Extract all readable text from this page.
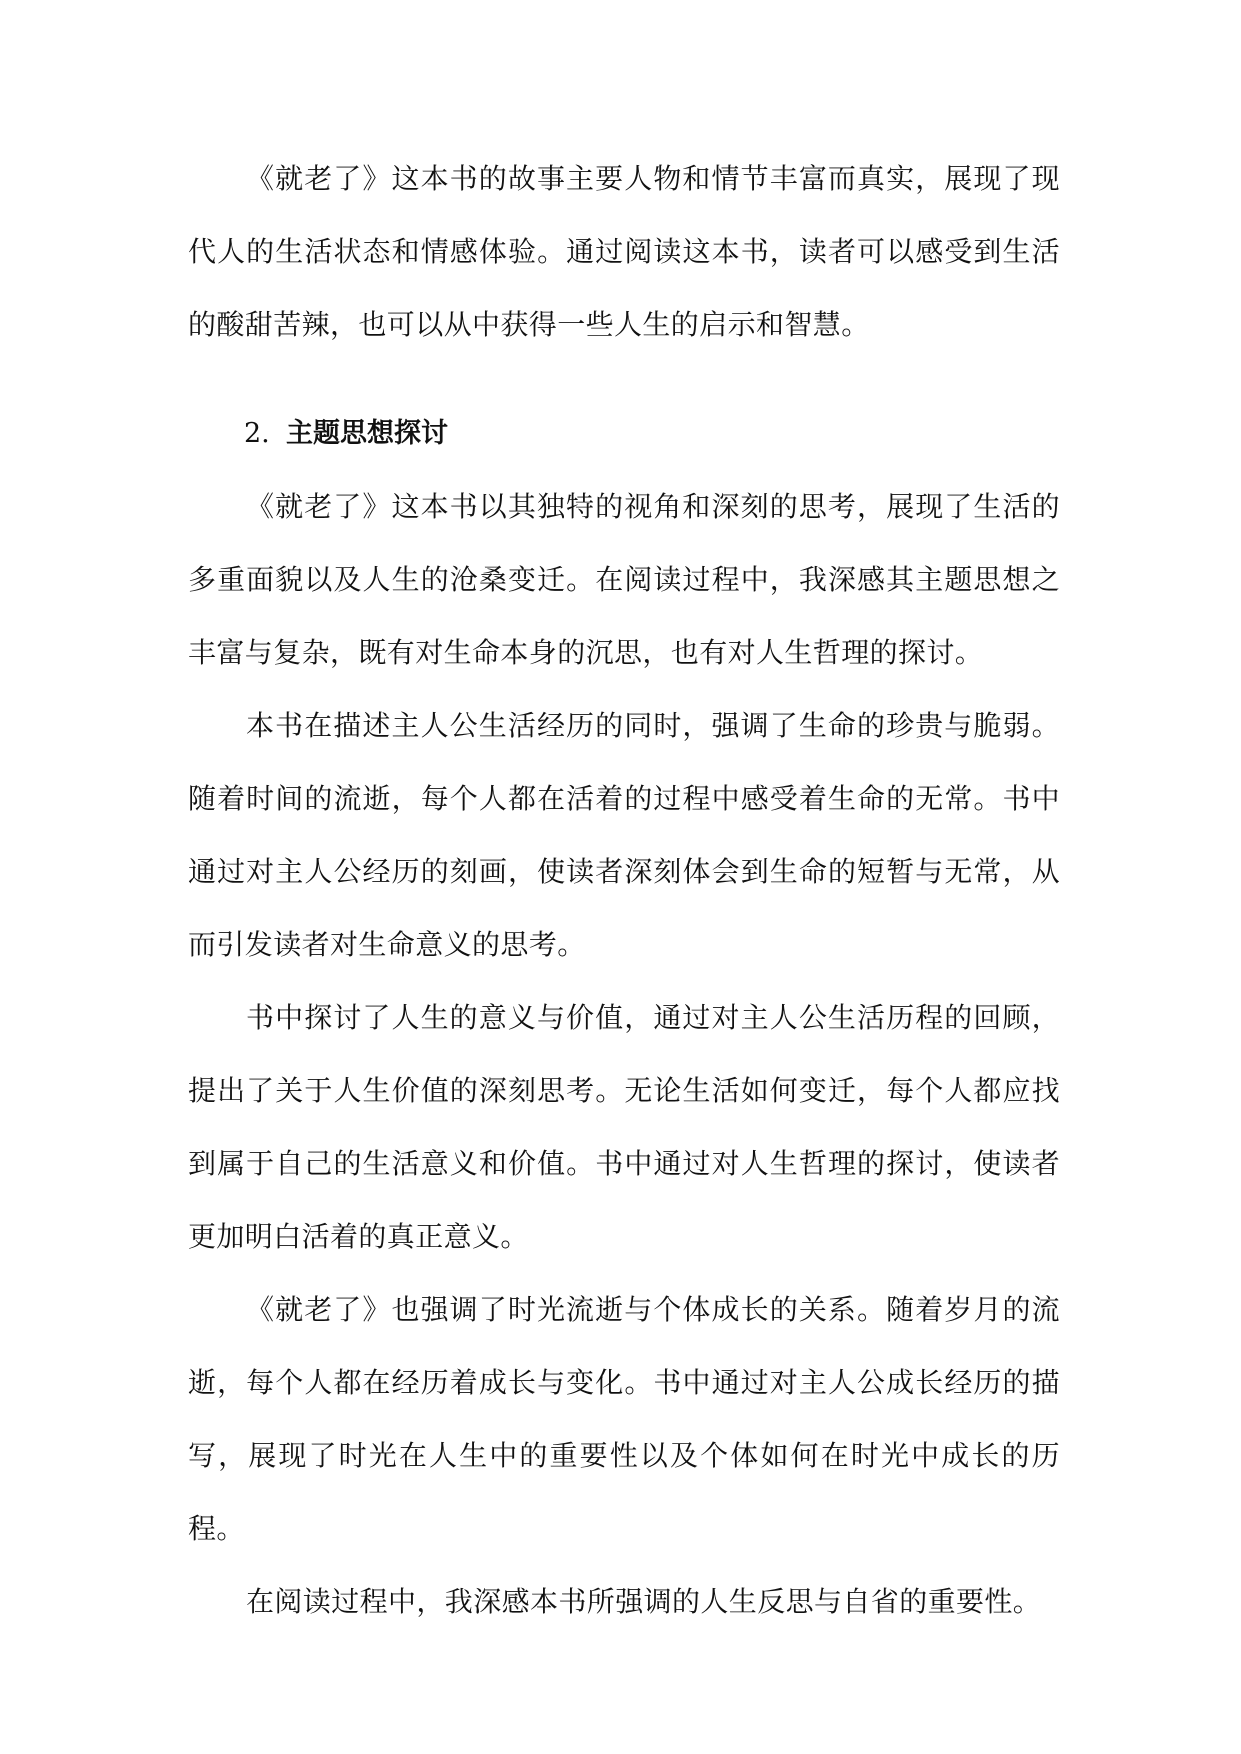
《就老了》这本书的故事主要人物和情节丰富而真实，展现了现代人的生活状态和情感体验。通过阅读这本书，读者可以感受到生活的酸甜苦辣，也可以从中获得一些人生的启示和智慧。

2. 主题思想探讨

《就老了》这本书以其独特的视角和深刻的思考，展现了生活的多重面貌以及人生的沧桑变迁。在阅读过程中，我深感其主题思想之丰富与复杂，既有对生命本身的沉思，也有对人生哲理的探讨。

本书在描述主人公生活经历的同时，强调了生命的珍贵与脆弱。随着时间的流逝，每个人都在活着的过程中感受着生命的无常。书中通过对主人公经历的刻画，使读者深刻体会到生命的短暂与无常，从而引发读者对生命意义的思考。

书中探讨了人生的意义与价值，通过对主人公生活历程的回顾，提出了关于人生价值的深刻思考。无论生活如何变迁，每个人都应找到属于自己的生活意义和价值。书中通过对人生哲理的探讨，使读者更加明白活着的真正意义。

《就老了》也强调了时光流逝与个体成长的关系。随着岁月的流逝，每个人都在经历着成长与变化。书中通过对主人公成长经历的描写，展现了时光在人生中的重要性以及个体如何在时光中成长的历程。

在阅读过程中，我深感本书所强调的人生反思与自省的重要性。
